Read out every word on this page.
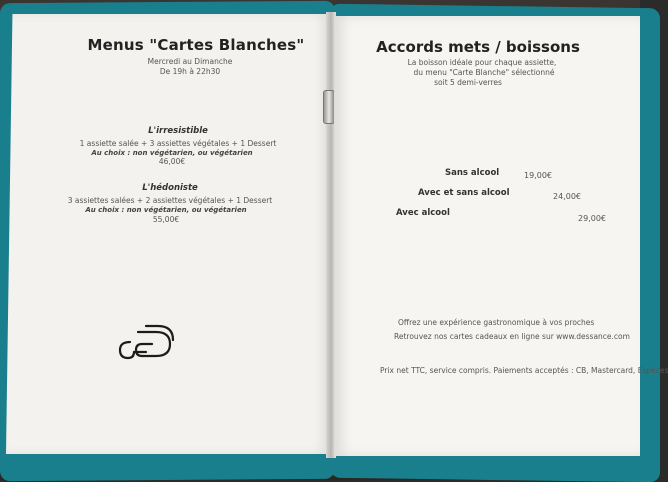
Menus "Cartes Blanches"
Mercredi au Dimanche
De 19h à 22h30
L'irresistible
1 assiette salée + 3 assiettes végétales + 1 Dessert
Au choix : non végétarien, ou végétarien
46,00€
L'hédoniste
3 assiettes salées + 2 assiettes végétales + 1 Dessert
Au choix : non végétarien, ou végétarien
55,00€
Accords mets / boissons
La boisson idéale pour chaque assiette,
du menu "Carte Blanche" sélectionné
soit 5 demi-verres
Sans alcool	19,00€
Avec et sans alcool	24,00€
Avec alcool
29,00€
Offrez une expérience gastronomique à vos proches
Retrouvez nos cartes cadeaux en ligne sur www.dessance.com
Prix net TTC, service compris. Paiements acceptés : CB, Mastercard, Espèces
